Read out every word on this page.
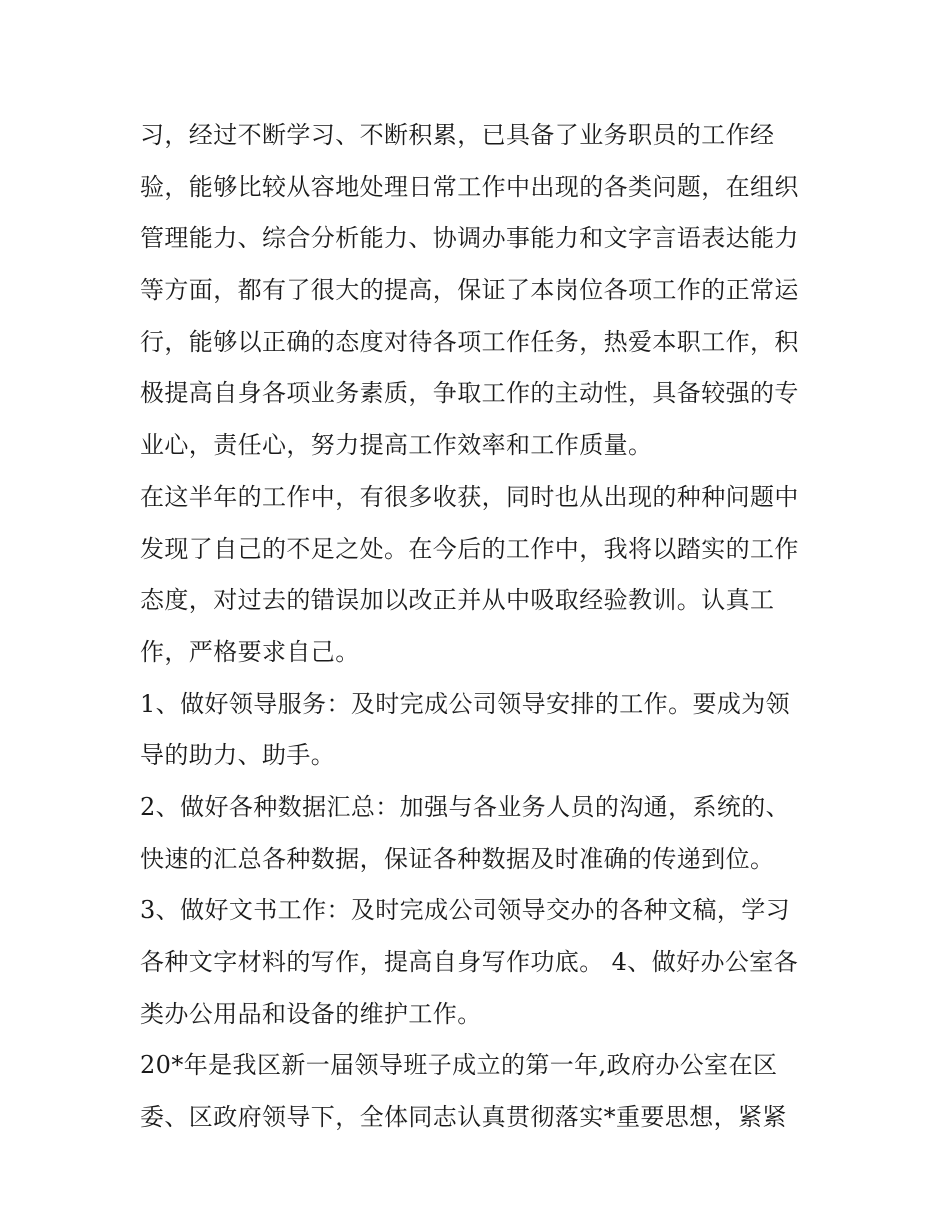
习，经过不断学习、不断积累，已具备了业务职员的工作经
验，能够比较从容地处理日常工作中出现的各类问题，在组织
管理能力、综合分析能力、协调办事能力和文字言语表达能力
等方面，都有了很大的提高，保证了本岗位各项工作的正常运
行，能够以正确的态度对待各项工作任务，热爱本职工作，积
极提高自身各项业务素质，争取工作的主动性，具备较强的专
业心，责任心，努力提高工作效率和工作质量。
在这半年的工作中，有很多收获，同时也从出现的种种问题中
发现了自己的不足之处。在今后的工作中，我将以踏实的工作
态度，对过去的错误加以改正并从中吸取经验教训。认真工
作，严格要求自己。
1、做好领导服务：及时完成公司领导安排的工作。要成为领
导的助力、助手。
2、做好各种数据汇总：加强与各业务人员的沟通，系统的、
快速的汇总各种数据，保证各种数据及时准确的传递到位。
3、做好文书工作：及时完成公司领导交办的各种文稿，学习
各种文字材料的写作，提高自身写作功底。 4、做好办公室各
类办公用品和设备的维护工作。
20*年是我区新一届领导班子成立的第一年,政府办公室在区
委、区政府领导下，全体同志认真贯彻落实*重要思想，紧紧
